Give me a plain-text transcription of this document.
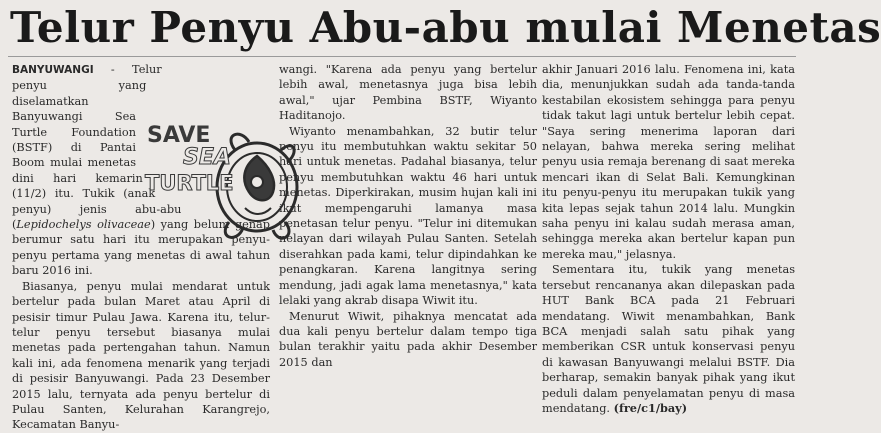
Telur Penyu Abu-abu mulai Menetas

BANYUWANGI - Telur penyu yang diselamatkan Banyuwangi Sea Turtle Foundation (BSTF) di Pantai Boom mulai menetas dini hari kemarin (11/2) itu. Tukik (anak penyu) jenis abu-abu (Lepidochelys olivaceae) yang belum genap berumur satu hari itu merupakan penyu-penyu pertama yang menetas di awal tahun baru 2016 ini.

Biasanya, penyu mulai mendarat untuk bertelur pada bulan Maret atau April di pesisir timur Pulau Jawa. Karena itu, telur-telur penyu tersebut biasanya mulai menetas pada pertengahan tahun. Namun kali ini, ada fenomena menarik yang terjadi di pesisir Banyuwangi. Pada 23 Desember 2015 lalu, ternyata ada penyu bertelur di Pulau Santen, Kelurahan Karangrejo, Kecamatan Banyu-

wangi. "Karena ada penyu yang bertelur lebih awal, menetasnya juga bisa lebih awal," ujar Pembina BSTF, Wiyanto Haditanojo.

Wiyanto menambahkan, 32 butir telur penyu itu membutuhkan waktu sekitar 50 hari untuk menetas. Padahal biasanya, telur penyu membutuhkan waktu 46 hari untuk menetas. Diperkirakan, musim hujan kali ini ikut mempengaruhi lamanya masa penetasan telur penyu. "Telur ini ditemukan nelayan dari wilayah Pulau Santen. Setelah diserahkan pada kami, telur dipindahkan ke penangkaran. Karena langitnya sering mendung, jadi agak lama menetasnya," kata lelaki yang akrab disapa Wiwit itu.

Menurut Wiwit, pihaknya mencatat ada dua kali penyu bertelur dalam tempo tiga bulan terakhir yaitu pada akhir Desember 2015 dan

akhir Januari 2016 lalu. Fenomena ini, kata dia, menunjukkan sudah ada tanda-tanda kestabilan ekosistem sehingga para penyu tidak takut lagi untuk bertelur lebih cepat. "Saya sering menerima laporan dari nelayan, bahwa mereka sering melihat penyu usia remaja berenang di saat mereka mencari ikan di Selat Bali. Kemungkinan itu penyu-penyu itu merupakan tukik yang kita lepas sejak tahun 2014 lalu. Mungkin saha penyu ini kalau sudah merasa aman, sehingga mereka akan bertelur kapan pun mereka mau," jelasnya.

Sementara itu, tukik yang menetas tersebut rencananya akan dilepaskan pada HUT Bank BCA pada 21 Februari mendatang. Wiwit menambahkan, Bank BCA menjadi salah satu pihak yang memberikan CSR untuk konservasi penyu di kawasan Banyuwangi melalui BSTF. Dia berharap, semakin banyak pihak yang ikut peduli dalam penyelamatan penyu di masa mendatang. (fre/c1/bay)

SAVE
SEA
TURTLE
